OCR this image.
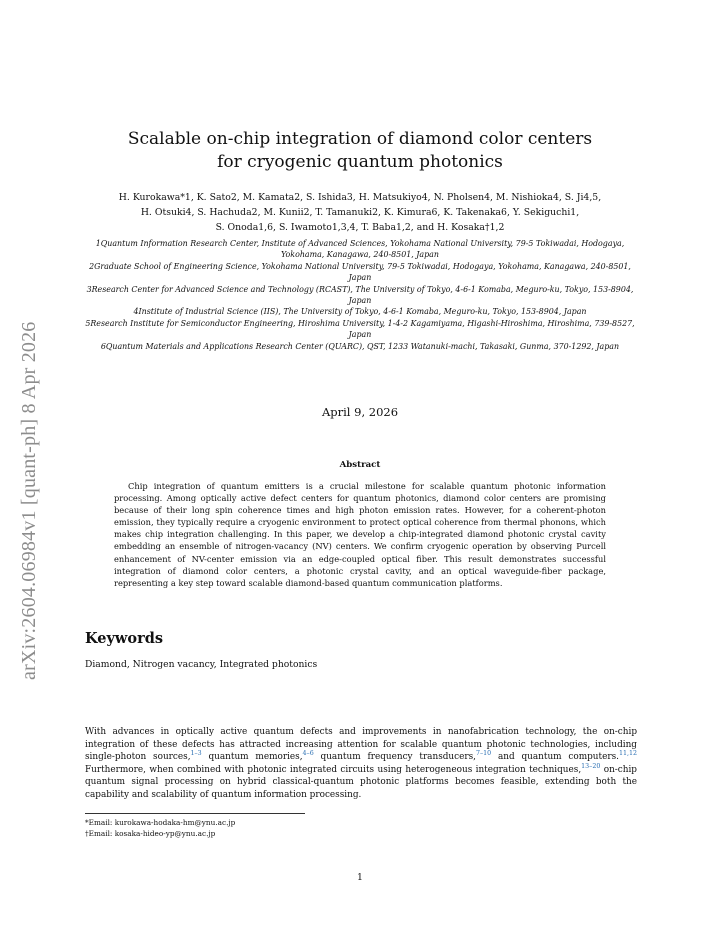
arXiv:2604.06984v1 [quant-ph] 8 Apr 2026
Scalable on-chip integration of diamond color centers
for cryogenic quantum photonics
H. Kurokawa*1, K. Sato2, M. Kamata2, S. Ishida3, H. Matsukiyo4, N. Pholsen4, M. Nishioka4, S. Ji4,5,
H. Otsuki4, S. Hachuda2, M. Kunii2, T. Tamanuki2, K. Kimura6, K. Takenaka6, Y. Sekiguchi1,
S. Onoda1,6, S. Iwamoto1,3,4, T. Baba1,2, and H. Kosaka†1,2
1Quantum Information Research Center, Institute of Advanced Sciences, Yokohama National University, 79-5 Tokiwadai, Hodogaya, Yokohama, Kanagawa, 240-8501, Japan
2Graduate School of Engineering Science, Yokohama National University, 79-5 Tokiwadai, Hodogaya, Yokohama, Kanagawa, 240-8501, Japan
3Research Center for Advanced Science and Technology (RCAST), The University of Tokyo, 4-6-1 Komaba, Meguro-ku, Tokyo, 153-8904, Japan
4Institute of Industrial Science (IIS), The University of Tokyo, 4-6-1 Komaba, Meguro-ku, Tokyo, 153-8904, Japan
5Research Institute for Semiconductor Engineering, Hiroshima University, 1-4-2 Kagamiyama, Higashi-Hiroshima, Hiroshima, 739-8527, Japan
6Quantum Materials and Applications Research Center (QUARC), QST, 1233 Watanuki-machi, Takasaki, Gunma, 370-1292, Japan
April 9, 2026
Abstract
Chip integration of quantum emitters is a crucial milestone for scalable quantum photonic information processing. Among optically active defect centers for quantum photonics, diamond color centers are promising because of their long spin coherence times and high photon emission rates. However, for a coherent-photon emission, they typically require a cryogenic environment to protect optical coherence from thermal phonons, which makes chip integration challenging. In this paper, we develop a chip-integrated diamond photonic crystal cavity embedding an ensemble of nitrogen-vacancy (NV) centers. We confirm cryogenic operation by observing Purcell enhancement of NV-center emission via an edge-coupled optical fiber. This result demonstrates successful integration of diamond color centers, a photonic crystal cavity, and an optical waveguide-fiber package, representing a key step toward scalable diamond-based quantum communication platforms.
Keywords
Diamond, Nitrogen vacancy, Integrated photonics
With advances in optically active quantum defects and improvements in nanofabrication technology, the on-chip integration of these defects has attracted increasing attention for scalable quantum photonic technologies, including single-photon sources,$^{1-3}$ quantum memories,$^{4-6}$ quantum frequency transducers,$^{7-10}$ and quantum computers.$^{11,12}$ Furthermore, when combined with photonic integrated circuits using heterogeneous integration techniques,$^{13-20}$ on-chip quantum signal processing on hybrid classical-quantum photonic platforms becomes feasible, extending both the capability and scalability of quantum information processing.
*Email: kurokawa-hodaka-hm@ynu.ac.jp
†Email: kosaka-hideo-yp@ynu.ac.jp
1
